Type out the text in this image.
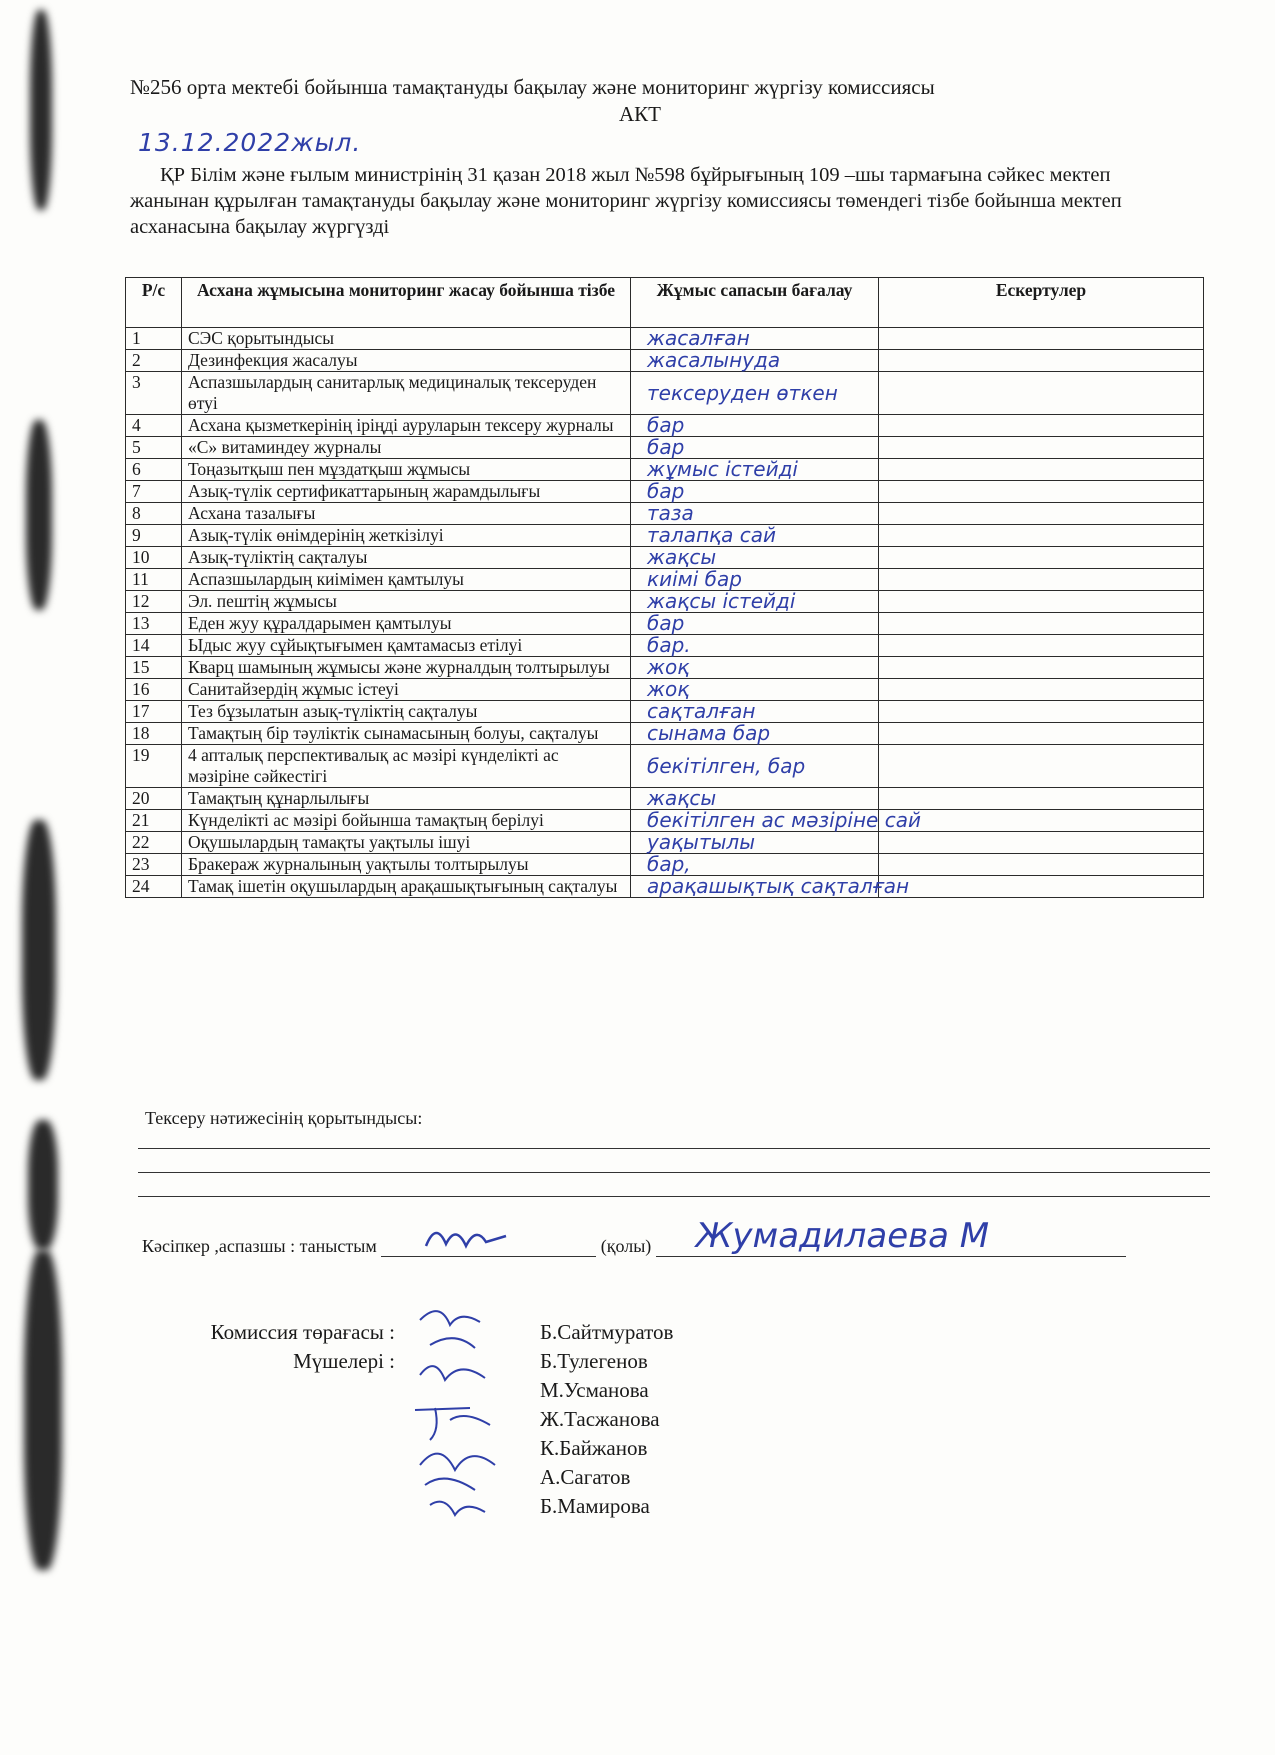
№256 орта мектебі бойынша тамақтануды бақылау және мониторинг жүргізу комиссиясы
АКТ
13.12.2022жыл.
ҚР Білім және ғылым министрінің 31 қазан 2018 жыл №598 бұйрығының 109 –шы тармағына сәйкес мектеп жанынан құрылған тамақтануды бақылау және мониторинг жүргізу комиссиясы төмендегі тізбе бойынша мектеп асханасына бақылау жүргүзді
Р/с	Асхана жұмысына мониторинг жасау бойынша тізбе	Жұмыс сапасын бағалау	Ескертулер
1	СЭС қорытындысы	жасалған	
2	Дезинфекция жасалуы	жасалынуда	
3	Аспазшылардың санитарлық медициналық тексеруден өтуі	тексеруден өткен	
4	Асхана қызметкерінің іріңді ауруларын тексеру журналы	бар	
5	«С» витаминдеу журналы	бар	
6	Тоңазытқыш пен мұздатқыш жұмысы	жұмыс істейді	
7	Азық-түлік сертификаттарының жарамдылығы	бар	
8	Асхана тазалығы	таза	
9	Азық-түлік өнімдерінің жеткізілуі	талапқа сай	
10	Азық-түліктің сақталуы	жақсы	
11	Аспазшылардың киімімен қамтылуы	киімі бар	
12	Эл. пештің жұмысы	жақсы істейді	
13	Еден жуу құралдарымен қамтылуы	бар	
14	Ыдыс жуу сұйықтығымен қамтамасыз етілуі	бар.	
15	Кварц шамының жұмысы және журналдың толтырылуы	жоқ	
16	Санитайзердің жұмыс істеуі	жоқ	
17	Тез бұзылатын азық-түліктің сақталуы	сақталған	
18	Тамақтың бір тәуліктік сынамасының болуы, сақталуы	сынама бар	
19	4 апталық перспективалық ас мәзірі күнделікті ас мәзіріне сәйкестігі	бекітілген, бар	
20	Тамақтың құнарлылығы	жақсы	
21	Күнделікті ас мәзірі бойынша тамақтың берілуі	бекітілген ас мәзіріне сай	
22	Оқушылардың тамақты уақтылы ішуі	уақытылы	
23	Бракераж журналының уақтылы толтырылуы	бар,	
24	Тамақ ішетін оқушылардың арақашықтығының сақталуы	арақашықтық сақталған	
Тексеру нәтижесінің қорытындысы:
Кәсіпкер ,аспазшы : таныстым	(қолы) Жумадилаева М
Комиссия төрағасы :
Мүшелері :
Б.Сайтмуратов
Б.Тулегенов
М.Усманова
Ж.Тасжанова
К.Байжанов
А.Сагатов
Б.Мамирова
